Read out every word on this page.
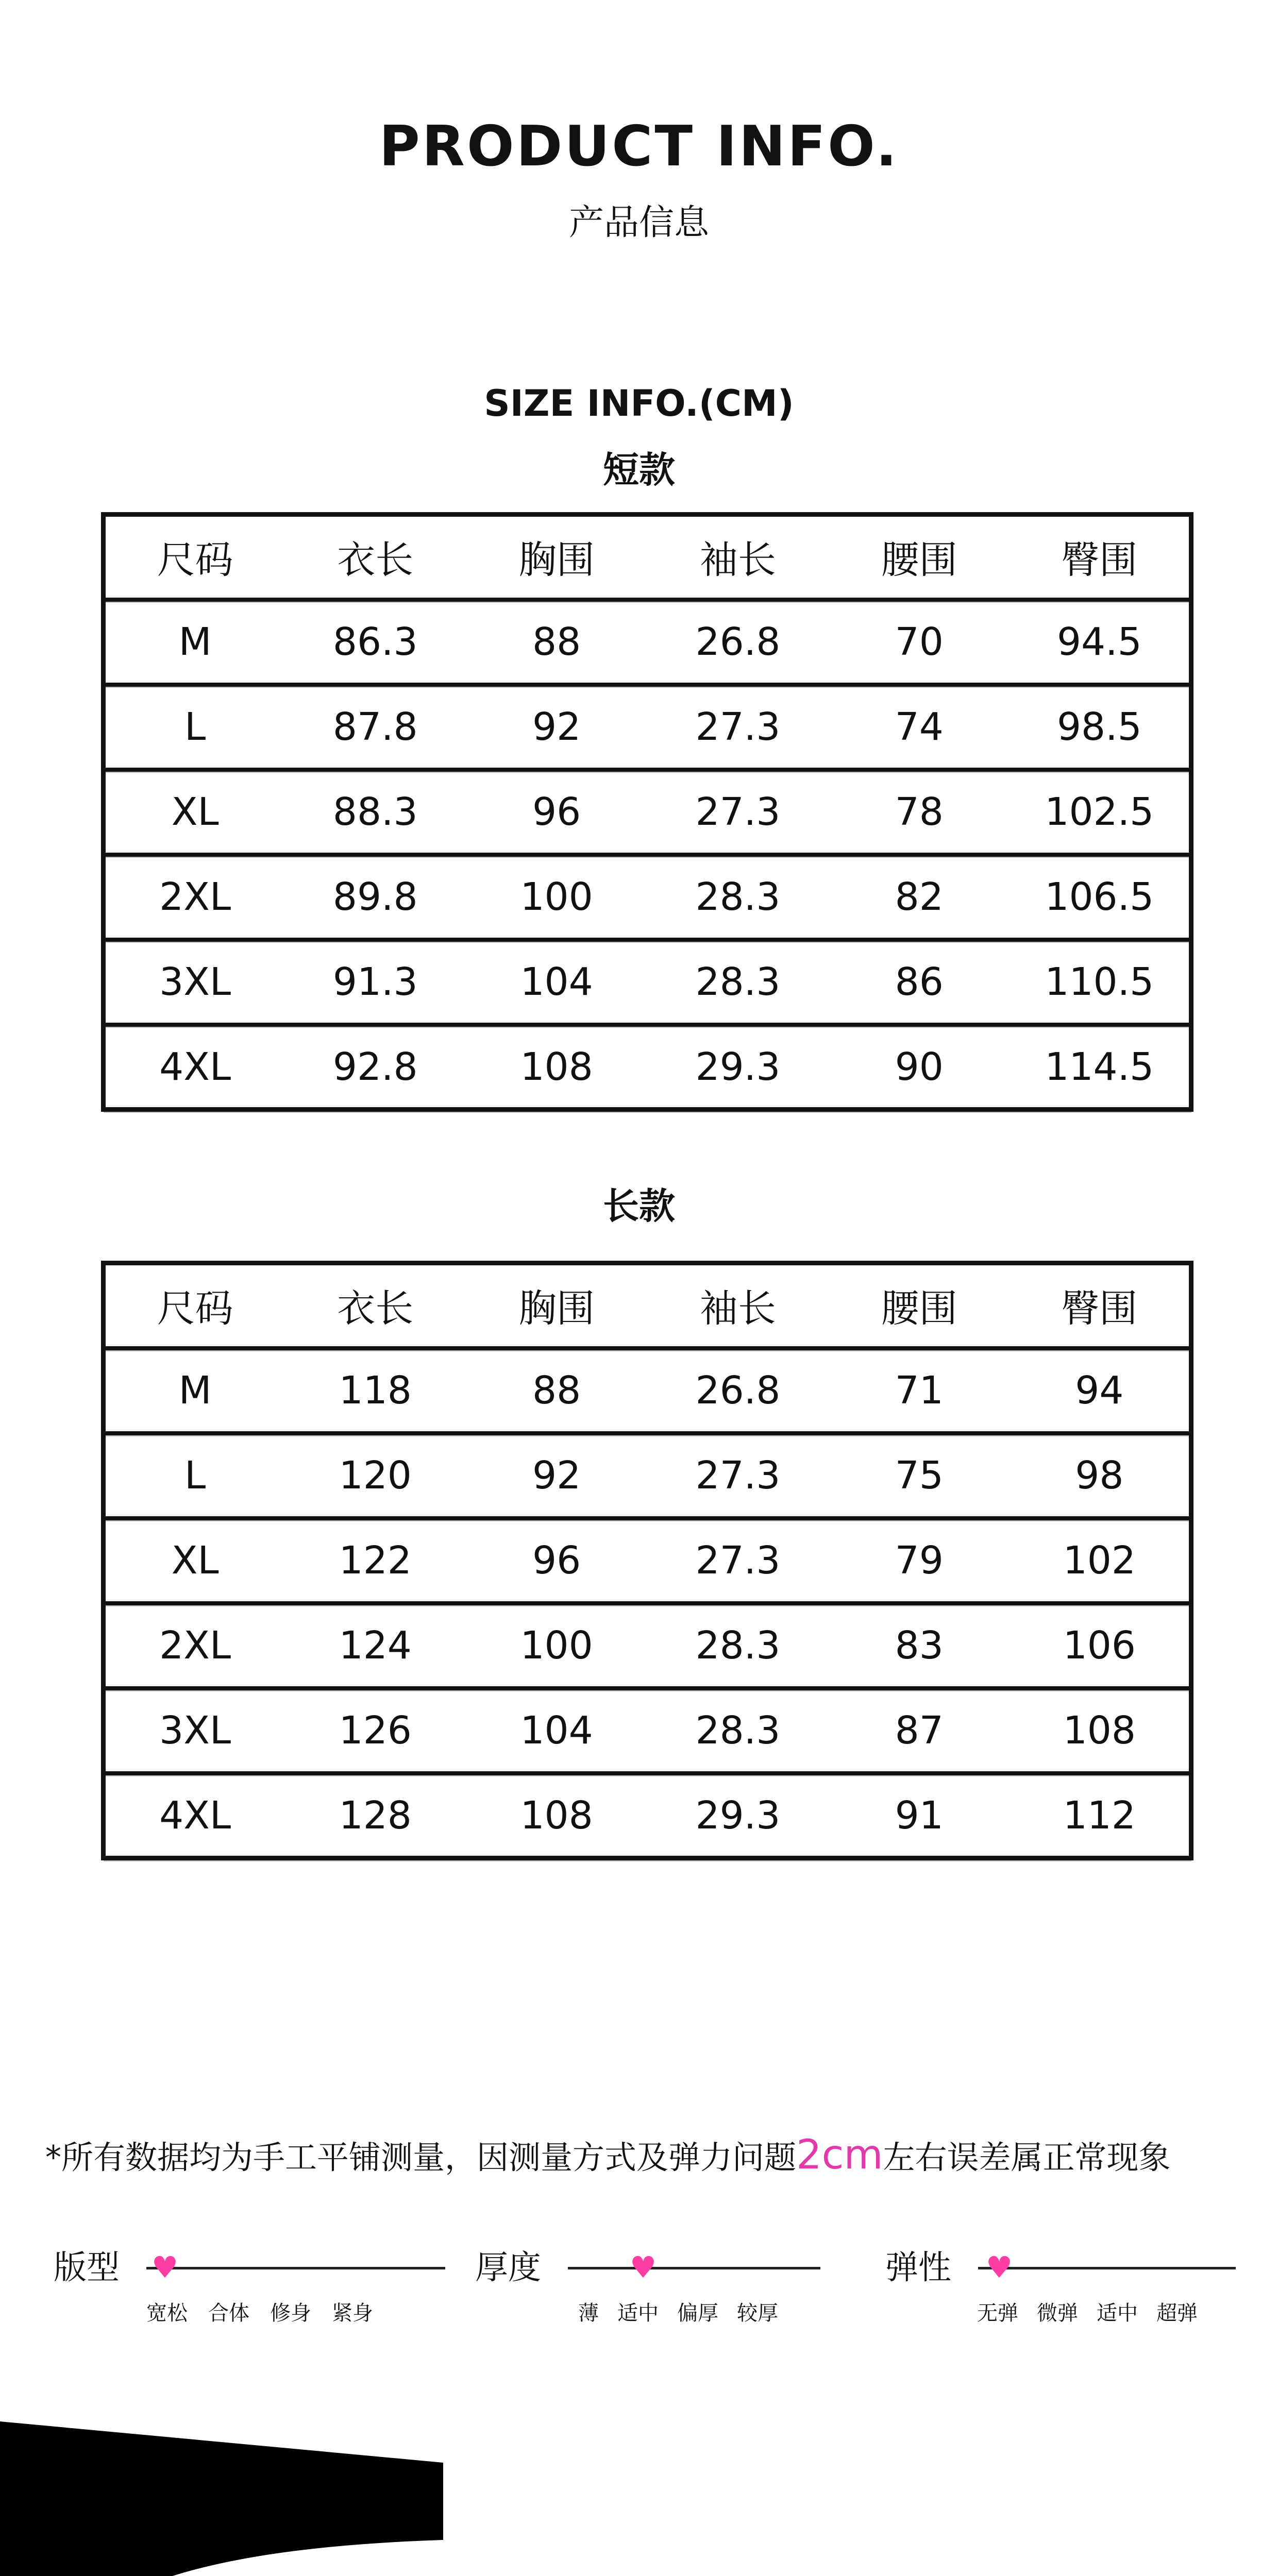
PRODUCT INFO.
产品信息
SIZE INFO.(CM)
短款
尺码	衣长	胸围	袖长	腰围	臀围
M	86.3	88	26.8	70	94.5
L	87.8	92	27.3	74	98.5
XL	88.3	96	27.3	78	102.5
2XL	89.8	100	28.3	82	106.5
3XL	91.3	104	28.3	86	110.5
4XL	92.8	108	29.3	90	114.5
长款
尺码	衣长	胸围	袖长	腰围	臀围
M	118	88	26.8	71	94
L	120	92	27.3	75	98
XL	122	96	27.3	79	102
2XL	124	100	28.3	83	106
3XL	126	104	28.3	87	108
4XL	128	108	29.3	91	112
*所有数据均为手工平铺测量，因测量方式及弹力问题2cm左右误差属正常现象
版型 ♥
宽松 合体 修身 紧身
厚度	♥
薄 适中 偏厚 较厚
弹性 ♥
无弹 微弹 适中 超弹
